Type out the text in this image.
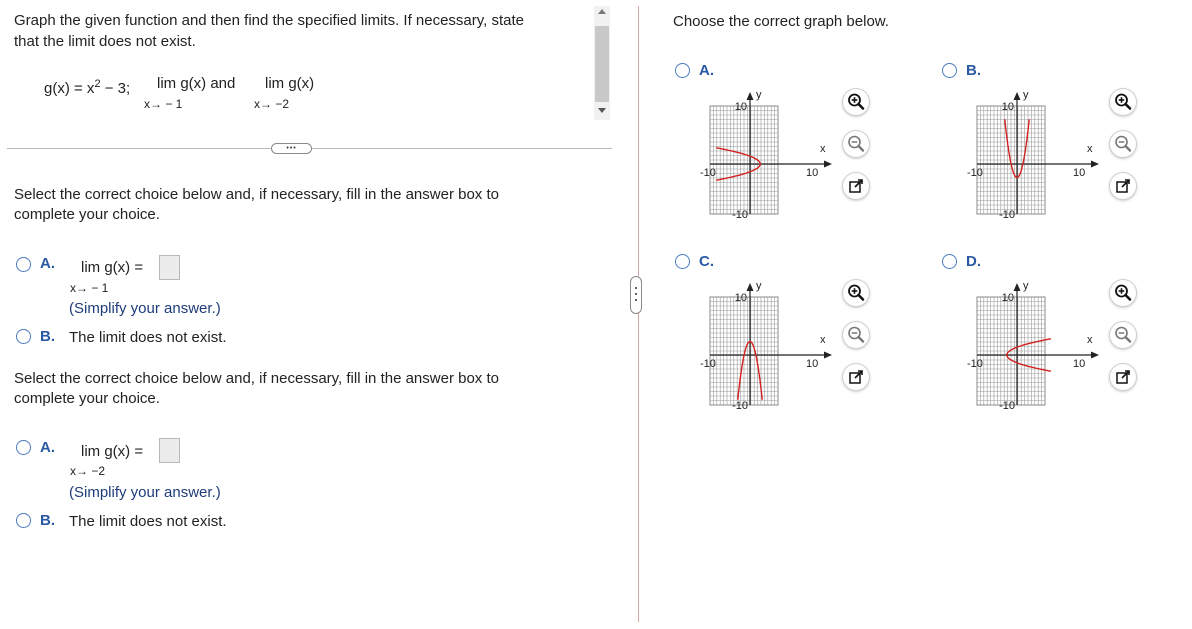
Graph the given function and then find the specified limits. If necessary, state
that the limit does not exist.
$g(x) = x^2 - 3$; lim g(x) and
x→ − 1
lim g(x)
x→ −2
•••
Select the correct choice below and, if necessary, fill in the answer box to
complete your choice.
A. lim g(x) =
x→ − 1
(Simplify your answer.)
B. The limit does not exist.
Select the correct choice below and, if necessary, fill in the answer box to
complete your choice.
A. lim g(x) =
x→ −2
(Simplify your answer.)
B. The limit does not exist.
Choose the correct graph below.
A.	B.
C.	D.
y
x
10
-10
-10	10
y
x
10
-10
-10	10
y
x
10
-10
-10	10
y
x
10
-10
-10	10
